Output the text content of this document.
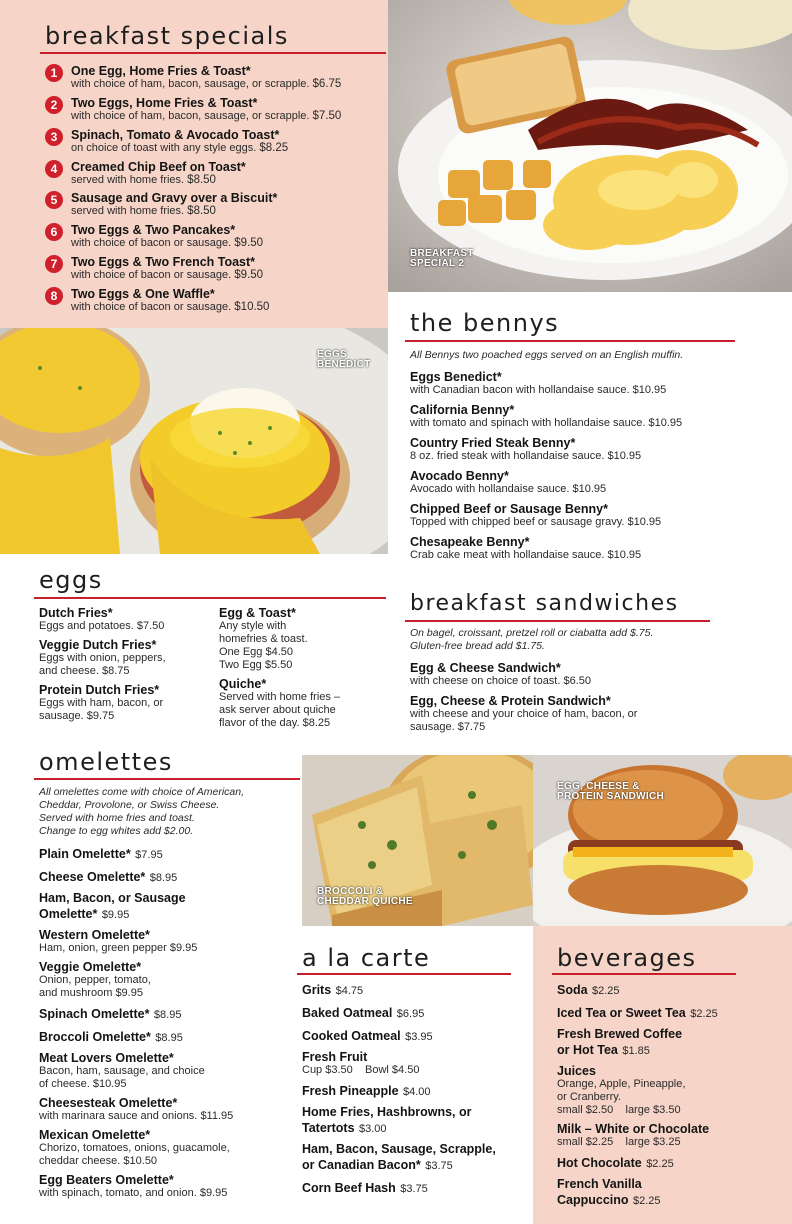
BREAKFAST
SPECIAL 2
EGGS
BENEDICT
BROCCOLI &
CHEDDAR QUICHE
EGG, CHEESE &
PROTEIN SANDWICH
breakfast specials
1	One Egg, Home Fries & Toast*
with choice of ham, bacon, sausage, or scrapple. $6.75
2	Two Eggs, Home Fries & Toast*
with choice of ham, bacon, sausage, or scrapple. $7.50
3	Spinach, Tomato & Avocado Toast*
on choice of toast with any style eggs. $8.25
4	Creamed Chip Beef on Toast*
served with home fries. $8.50
5	Sausage and Gravy over a Biscuit*
served with home fries. $8.50
6	Two Eggs & Two Pancakes*
with choice of bacon or sausage. $9.50
7	Two Eggs & Two French Toast*
with choice of bacon or sausage. $9.50
8	Two Eggs & One Waffle*
with choice of bacon or sausage. $10.50
the bennys
All Bennys two poached eggs served on an English muffin.
Eggs Benedict*
with Canadian bacon with hollandaise sauce. $10.95
California Benny*
with tomato and spinach with hollandaise sauce. $10.95
Country Fried Steak Benny*
8 oz. fried steak with hollandaise sauce. $10.95
Avocado Benny*
Avocado with hollandaise sauce. $10.95
Chipped Beef or Sausage Benny*
Topped with chipped beef or sausage gravy. $10.95
Chesapeake Benny*
Crab cake meat with hollandaise sauce. $10.95
eggs
Dutch Fries*
Eggs and potatoes. $7.50
Veggie Dutch Fries*
Eggs with onion, peppers,
and cheese. $8.75
Protein Dutch Fries*
Eggs with ham, bacon, or
sausage. $9.75
Egg & Toast*
Any style with
homefries & toast.
One Egg $4.50
Two Egg $5.50
Quiche*
Served with home fries –
ask server about quiche
flavor of the day. $8.25
breakfast sandwiches
On bagel, croissant, pretzel roll or ciabatta add $.75.
Gluten-free bread add $1.75.
Egg & Cheese Sandwich*
with cheese on choice of toast. $6.50
Egg, Cheese & Protein Sandwich*
with cheese and your choice of ham, bacon, or
sausage. $7.75
omelettes
All omelettes come with choice of American,
Cheddar, Provolone, or Swiss Cheese.
Served with home fries and toast.
Change to egg whites add $2.00.
Plain Omelette* $7.95
Cheese Omelette* $8.95
Ham, Bacon, or Sausage
Omelette* $9.95
Western Omelette*
Ham, onion, green pepper $9.95
Veggie Omelette*
Onion, pepper, tomato,
and mushroom $9.95
Spinach Omelette* $8.95
Broccoli Omelette* $8.95
Meat Lovers Omelette*
Bacon, ham, sausage, and choice
of cheese. $10.95
Cheesesteak Omelette*
with marinara sauce and onions. $11.95
Mexican Omelette*
Chorizo, tomatoes, onions, guacamole,
cheddar cheese. $10.50
Egg Beaters Omelette*
with spinach, tomato, and onion. $9.95
a la carte
Grits $4.75
Baked Oatmeal $6.95
Cooked Oatmeal $3.95
Fresh Fruit
Cup $3.50 Bowl $4.50
Fresh Pineapple $4.00
Home Fries, Hashbrowns, or
Tatertots $3.00
Ham, Bacon, Sausage, Scrapple,
or Canadian Bacon* $3.75
Corn Beef Hash $3.75
beverages
Soda $2.25
Iced Tea or Sweet Tea $2.25
Fresh Brewed Coffee
or Hot Tea $1.85
Juices
Orange, Apple, Pineapple,
or Cranberry.
small $2.50 large $3.50
Milk – White or Chocolate
small $2.25 large $3.25
Hot Chocolate $2.25
French Vanilla
Cappuccino $2.25
